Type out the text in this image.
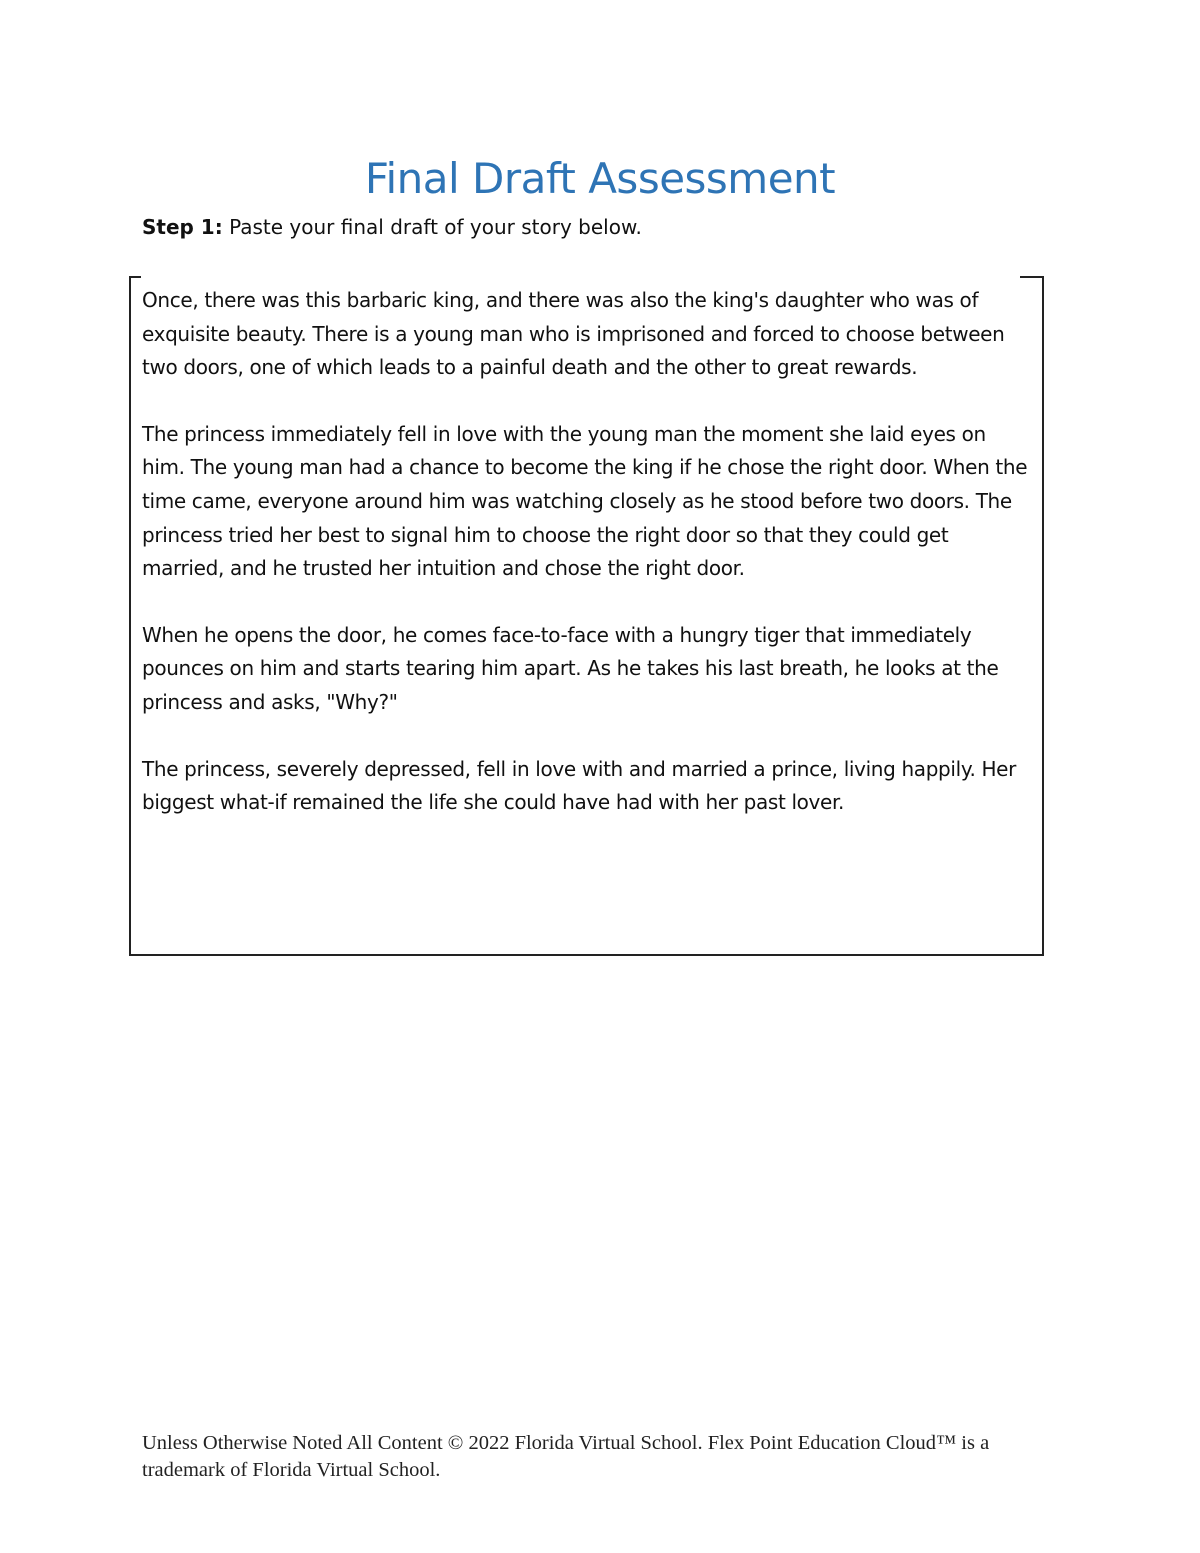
Final Draft Assessment
Step 1: Paste your final draft of your story below.

Once, there was this barbaric king, and there was also the king's daughter who was of exquisite beauty. There is a young man who is imprisoned and forced to choose between two doors, one of which leads to a painful death and the other to great rewards.

The princess immediately fell in love with the young man the moment she laid eyes on him. The young man had a chance to become the king if he chose the right door. When the time came, everyone around him was watching closely as he stood before two doors. The princess tried her best to signal him to choose the right door so that they could get married, and he trusted her intuition and chose the right door.

When he opens the door, he comes face-to-face with a hungry tiger that immediately pounces on him and starts tearing him apart. As he takes his last breath, he looks at the princess and asks, "Why?"

The princess, severely depressed, fell in love with and married a prince, living happily. Her biggest what-if remained the life she could have had with her past lover.

Unless Otherwise Noted All Content © 2022 Florida Virtual School. Flex Point Education Cloud™ is a trademark of Florida Virtual School.
